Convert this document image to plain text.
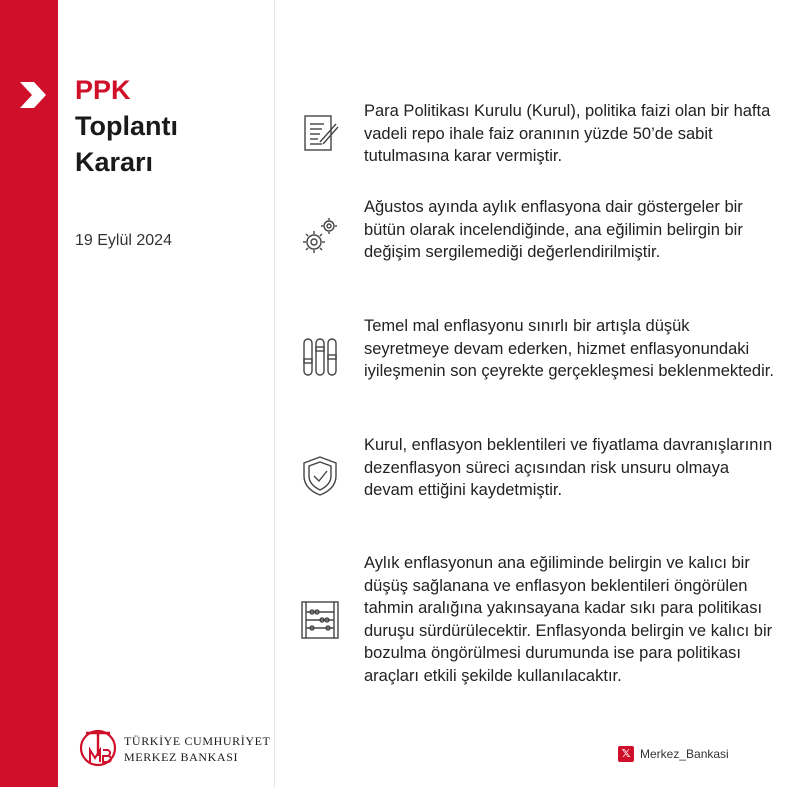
PPK
Toplantı
Kararı
19 Eylül 2024
Para Politikası Kurulu (Kurul), politika faizi olan bir hafta vadeli repo ihale faiz oranının yüzde 50’de sabit tutulmasına karar vermiştir.
Ağustos ayında aylık enflasyona dair göstergeler bir bütün olarak incelendiğinde, ana eğilimin belirgin bir değişim sergilemediği değerlendirilmiştir.
Temel mal enflasyonu sınırlı bir artışla düşük seyretmeye devam ederken, hizmet enflasyonundaki iyileşmenin son çeyrekte gerçekleşmesi beklenmektedir.
Kurul, enflasyon beklentileri ve fiyatlama davranışlarının dezenflasyon süreci açısından risk unsuru olmaya devam ettiğini kaydetmiştir.
Aylık enflasyonun ana eğiliminde belirgin ve kalıcı bir düşüş sağlanana ve enflasyon beklentileri öngörülen tahmin aralığına yakınsayana kadar sıkı para politikası duruşu sürdürülecektir. Enflasyonda belirgin ve kalıcı bir bozulma öngörülmesi durumunda ise para politikası araçları etkili şekilde kullanılacaktır.
TÜRKİYE CUMHURİYET
MERKEZ BANKASI	𝕏 Merkez_Bankasi
